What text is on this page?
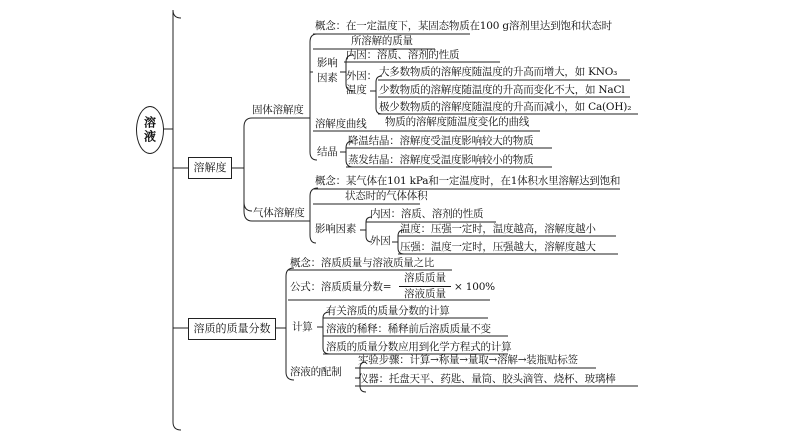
溶液
溶解度
固体溶解度
概念：在一定温度下，某固态物质在100 g溶剂里达到饱和状态时
所溶解的质量
影响
因素
内因：溶质、溶剂的性质
外因：
温度
大多数物质的溶解度随温度的升高而增大，如 KNO₃
少数物质的溶解度随温度的升高而变化不大，如 NaCl
极少数物质的溶解度随温度的升高而减小，如 Ca(OH)₂
溶解度曲线 物质的溶解度随温度变化的曲线
结晶
降温结晶：溶解度受温度影响较大的物质
蒸发结晶：溶解度受温度影响较小的物质
气体溶解度
概念：某气体在101 kPa和一定温度时，在1体积水里溶解达到饱和
状态时的气体体积
影响因素
内因：溶质、溶剂的性质
外因
温度：压强一定时，温度越高，溶解度越小
压强：温度一定时，压强越大，溶解度越大
溶质的质量分数
概念：溶质质量与溶液质量之比
公式：溶质质量分数=
溶质质量
溶液质量
× 100%
计算
有关溶质的质量分数的计算
溶液的稀释：稀释前后溶质质量不变
溶质的质量分数应用到化学方程式的计算
溶液的配制
实验步骤：计算→称量→量取→溶解→装瓶贴标签
仪器：托盘天平、药匙、量筒、胶头滴管、烧杯、玻璃棒
